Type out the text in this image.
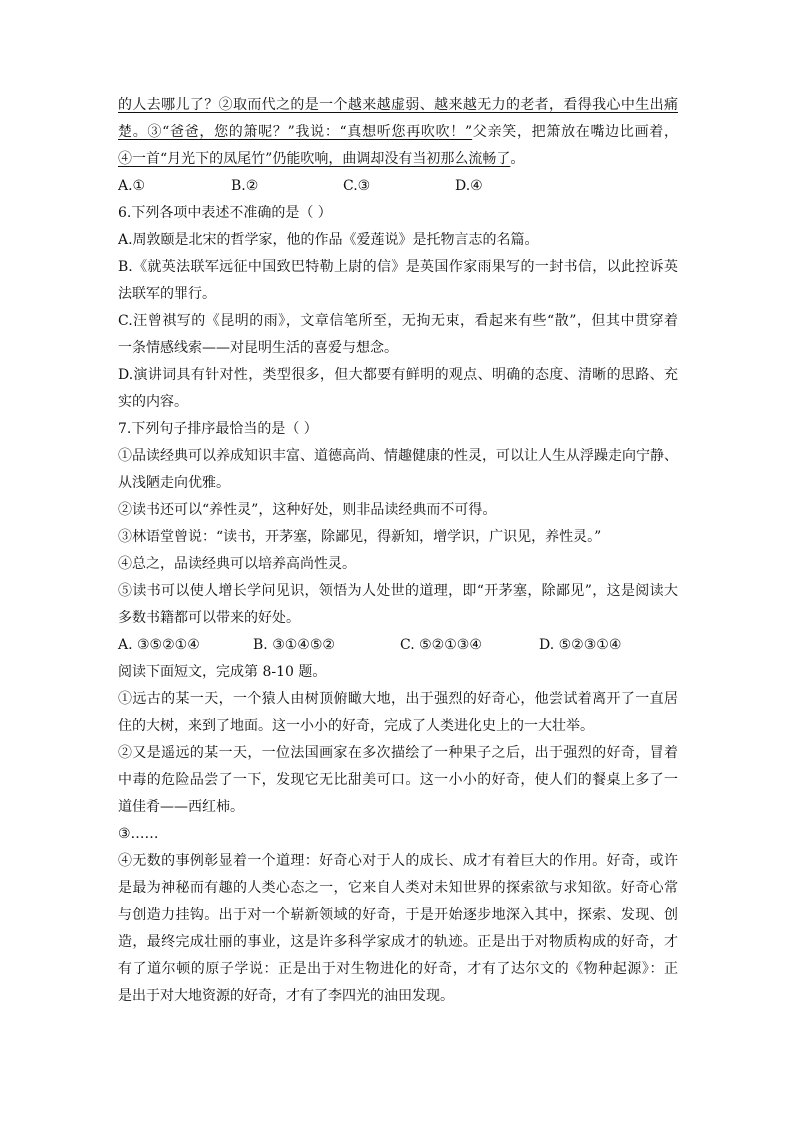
的人去哪儿了？②取而代之的是一个越来越虚弱、越来越无力的老者，看得我心中生出痛
楚。③“爸爸，您的箫呢？”我说：“真想听您再吹吹！”父亲笑，把箫放在嘴边比画着，
④一首“月光下的凤尾竹”仍能吹响，曲调却没有当初那么流畅了。
A.①	B.②	C.③	D.④
6.下列各项中表述不准确的是（ ）
A.周敦颐是北宋的哲学家，他的作品《爱莲说》是托物言志的名篇。
B.《就英法联军远征中国致巴特勒上尉的信》是英国作家雨果写的一封书信，以此控诉英
法联军的罪行。
C.汪曾祺写的《昆明的雨》，文章信笔所至，无拘无束，看起来有些“散”，但其中贯穿着
一条情感线索——对昆明生活的喜爱与想念。
D.演讲词具有针对性，类型很多，但大都要有鲜明的观点、明确的态度、清晰的思路、充
实的内容。
7.下列句子排序最恰当的是（ ）
①品读经典可以养成知识丰富、道德高尚、情趣健康的性灵，可以让人生从浮躁走向宁静、
从浅陋走向优雅。
②读书还可以“养性灵”，这种好处，则非品读经典而不可得。
③林语堂曾说：“读书，开茅塞，除鄙见，得新知，增学识，广识见，养性灵。”
④总之，品读经典可以培养高尚性灵。
⑤读书可以使人增长学问见识，领悟为人处世的道理，即“开茅塞，除鄙见”，这是阅读大
多数书籍都可以带来的好处。
A. ③⑤②①④	B. ③①④⑤②	C. ⑤②①③④	D. ⑤②③①④
阅读下面短文，完成第 8-10 题。
①远古的某一天，一个猿人由树顶俯瞰大地，出于强烈的好奇心，他尝试着离开了一直居
住的大树，来到了地面。这一小小的好奇，完成了人类进化史上的一大壮举。
②又是遥远的某一天，一位法国画家在多次描绘了一种果子之后，出于强烈的好奇，冒着
中毒的危险品尝了一下，发现它无比甜美可口。这一小小的好奇，使人们的餐桌上多了一
道佳肴——西红柿。
③……
④无数的事例彰显着一个道理：好奇心对于人的成长、成才有着巨大的作用。好奇，或许
是最为神秘而有趣的人类心态之一，它来自人类对未知世界的探索欲与求知欲。好奇心常
与创造力挂钩。出于对一个崭新领域的好奇，于是开始逐步地深入其中，探索、发现、创
造，最终完成壮丽的事业，这是许多科学家成才的轨迹。正是出于对物质构成的好奇，才
有了道尔顿的原子学说：正是出于对生物进化的好奇，才有了达尔文的《物种起源》：正
是出于对大地资源的好奇，才有了李四光的油田发现。
